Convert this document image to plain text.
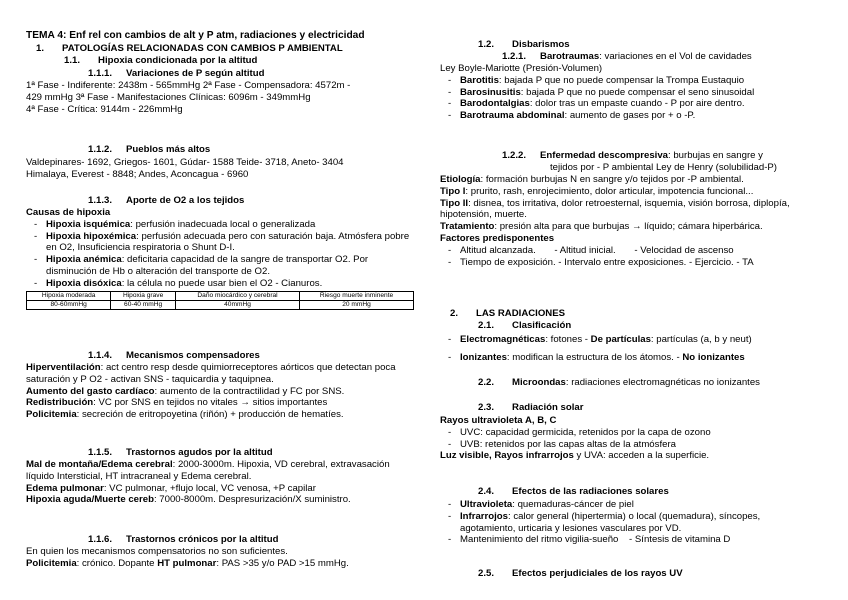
TEMA 4: Enf rel con cambios de alt y P atm, radiaciones y electricidad
1. PATOLOGÍAS RELACIONADAS CON CAMBIOS P AMBIENTAL
1.1. Hipoxia condicionada por la altitud
1.1.1. Variaciones de P según altitud
1ª Fase - Indiferente: 2438m - 565mmHg 2ª Fase - Compensadora: 4572m -
429 mmHg 3ª Fase - Manifestaciones Clínicas: 6096m - 349mmHg
4ª Fase - Crítica: 9144m - 226mmHg
1.1.2. Pueblos más altos
Valdepinares- 1692, Griegos- 1601, Gúdar- 1588 Teide- 3718, Aneto- 3404
Himalaya, Everest - 8848; Andes, Aconcagua - 6960
1.1.3. Aporte de O2 a los tejidos
Causas de hipoxia
- Hipoxia isquémica: perfusión inadecuada local o generalizada
- Hipoxia hipoxémica: perfusión adecuada pero con saturación baja. Atmósfera pobre en O2, Insuficiencia respiratoria o Shunt D-I.
- Hipoxia anémica: deficitaria capacidad de la sangre de transportar O2. Por disminución de Hb o alteración del transporte de O2.
- Hipoxia disóxica: la célula no puede usar bien el O2 - Cianuros.
Hipoxia moderada	Hipoxia grave	Daño miocárdico y cerebral	Riesgo muerte inminente
80-60mmHg	60-40 mmHg	40mmHg	20 mmHg
1.1.4. Mecanismos compensadores
Hiperventilación: act centro resp desde quimiorreceptores aórticos que detectan poca saturación y P O2 - activan SNS - taquicardia y taquipnea.
Aumento del gasto cardíaco: aumento de la contractilidad y FC por SNS.
Redistribución: VC por SNS en tejidos no vitales → sitios importantes
Policitemia: secreción de eritropoyetina (riñón) + producción de hematíes.
1.1.5. Trastornos agudos por la altitud
Mal de montaña/Edema cerebral: 2000-3000m. Hipoxia, VD cerebral, extravasación líquido Intersticial, HT intracraneal y Edema cerebral.
Edema pulmonar: VC pulmonar, +flujo local, VC venosa, +P capilar
Hipoxia aguda/Muerte cereb: 7000-8000m. Despresurización/X suministro.
1.1.6. Trastornos crónicos por la altitud
En quien los mecanismos compensatorios no son suficientes.
Policitemia: crónico. Dopante HT pulmonar: PAS >35 y/o PAD >15 mmHg.
1.2. Disbarismos
1.2.1. Barotraumas: variaciones en el Vol de cavidades
Ley Boyle-Mariotte (Presión-Volumen)
- Barotitis: bajada P que no puede compensar la Trompa Eustaquio
- Barosinusitis: bajada P que no puede compensar el seno sinusoidal
- Barodontalgias: dolor tras un empaste cuando - P por aire dentro.
- Barotrauma abdominal: aumento de gases por + o -P.
1.2.2. Enfermedad descompresiva: burbujas en sangre y
tejidos por - P ambiental Ley de Henry (solubilidad-P)
Etiología: formación burbujas N en sangre y/o tejidos por -P ambiental.
Tipo I: prurito, rash, enrojecimiento, dolor articular, impotencia funcional...
Tipo II: disnea, tos irritativa, dolor retroesternal, isquemia, visión borrosa, diplopía, hipotensión, muerte.
Tratamiento: presión alta para que burbujas → líquido; cámara hiperbárica.
Factores predisponentes
- Altitud alcanzada.       - Altitud inicial.       - Velocidad de ascenso
- Tiempo de exposición. - Intervalo entre exposiciones. - Ejercicio. - TA
2. LAS RADIACIONES
2.1. Clasificación
- Electromagnéticas: fotones - De partículas: partículas (a, b y neut)
- Ionizantes: modifican la estructura de los átomos. - No ionizantes
2.2. Microondas: radiaciones electromagnéticas no ionizantes
2.3. Radiación solar
Rayos ultravioleta A, B, C
- UVC: capacidad germicida, retenidos por la capa de ozono
- UVB: retenidos por las capas altas de la atmósfera
Luz visible, Rayos infrarrojos y UVA: acceden a la superficie.
2.4. Efectos de las radiaciones solares
- Ultravioleta: quemaduras-cáncer de piel
- Infrarrojos: calor general (hipertermia) o local (quemadura), síncopes, agotamiento, urticaria y lesiones vasculares por VD.
- Mantenimiento del ritmo vigilia-sueño    - Síntesis de vitamina D
2.5. Efectos perjudiciales de los rayos UV
